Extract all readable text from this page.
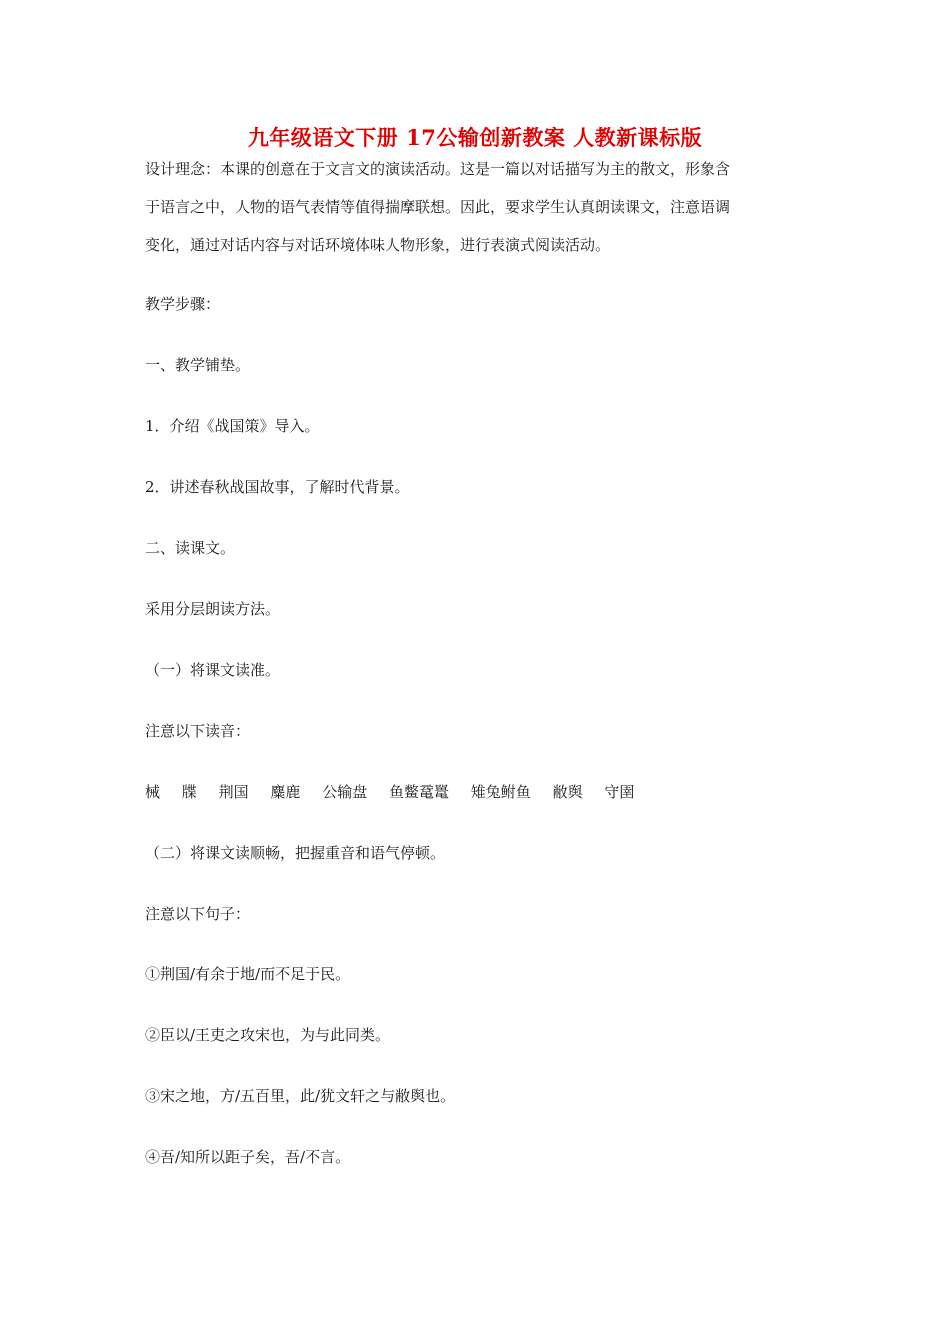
九年级语文下册 17公输创新教案 人教新课标版
设计理念：本课的创意在于文言文的演读活动。这是一篇以对话描写为主的散文，形象含
于语言之中，人物的语气表情等值得揣摩联想。因此，要求学生认真朗读课文，注意语调
变化，通过对话内容与对话环境体味人物形象，进行表演式阅读活动。
教学步骤：
一、教学铺垫。
1．介绍《战国策》导入。
2．讲述春秋战国故事，了解时代背景。
二、读课文。
采用分层朗读方法。
（一）将课文读准。
注意以下读音：
械 牒 荆国 麋鹿 公输盘 鱼鳖鼋鼍 雉兔鲋鱼 敝舆 守圉
（二）将课文读顺畅，把握重音和语气停顿。
注意以下句子：
①荆国/有余于地/而不足于民。
②臣以/王吏之攻宋也，为与此同类。
③宋之地，方/五百里，此/犹文轩之与敝舆也。
④吾/知所以距子矣，吾/不言。
